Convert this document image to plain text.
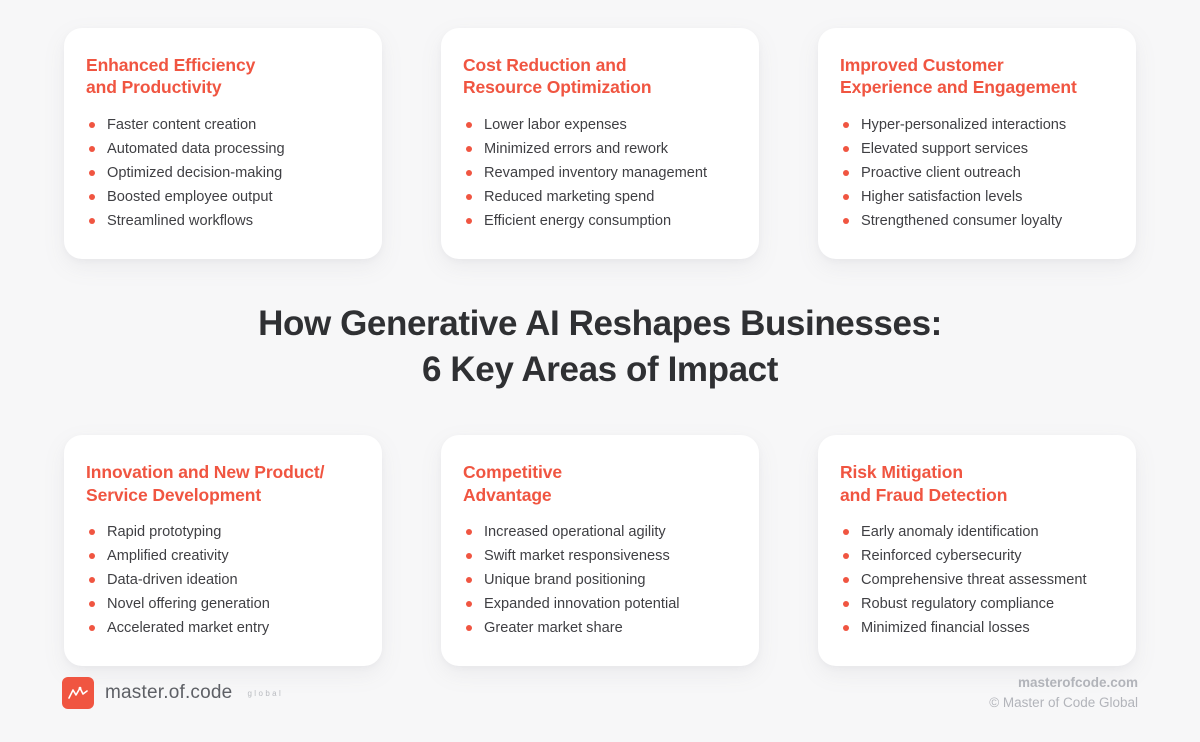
Enhanced Efficiency
and Productivity
Faster content creation
Automated data processing
Optimized decision-making
Boosted employee output
Streamlined workflows
Cost Reduction and
Resource Optimization
Lower labor expenses
Minimized errors and rework
Revamped inventory management
Reduced marketing spend
Efficient energy consumption
Improved Customer
Experience and Engagement
Hyper-personalized interactions
Elevated support services
Proactive client outreach
Higher satisfaction levels
Strengthened consumer loyalty
How Generative AI Reshapes Businesses:
6 Key Areas of Impact
Innovation and New Product/
Service Development
Rapid prototyping
Amplified creativity
Data-driven ideation
Novel offering generation
Accelerated market entry
Competitive
Advantage
Increased operational agility
Swift market responsiveness
Unique brand positioning
Expanded innovation potential
Greater market share
Risk Mitigation
and Fraud Detection
Early anomaly identification
Reinforced cybersecurity
Comprehensive threat assessment
Robust regulatory compliance
Minimized financial losses
master.of.code global
masterofcode.com
© Master of Code Global
